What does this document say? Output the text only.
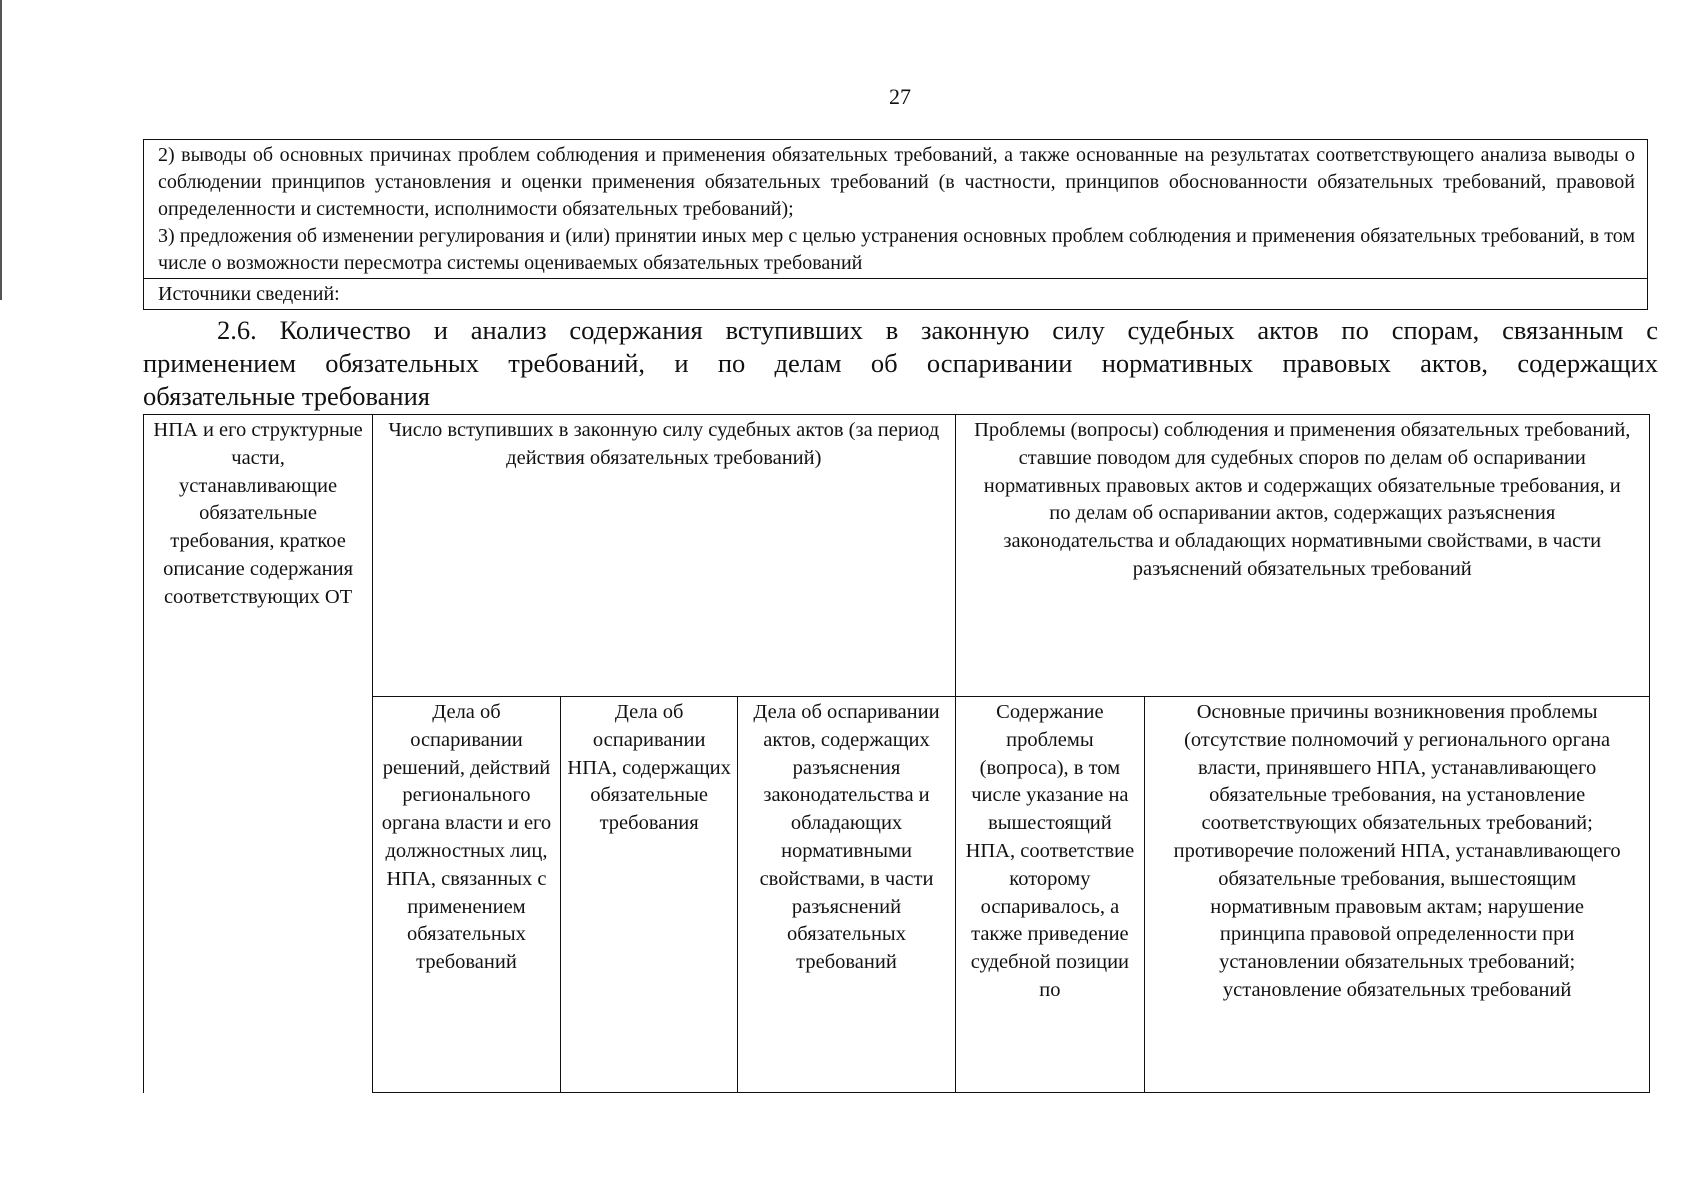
27
2) выводы об основных причинах проблем соблюдения и применения обязательных требований, а также основанные на результатах соответствующего анализа выводы о соблюдении принципов установления и оценки применения обязательных требований (в частности, принципов обоснованности обязательных требований, правовой определенности и системности, исполнимости обязательных требований);
3) предложения об изменении регулирования и (или) принятии иных мер с целью устранения основных проблем соблюдения и применения обязательных требований, в том числе о возможности пересмотра системы оцениваемых обязательных требований

Источники сведений:
2.6. Количество и анализ содержания вступивших в законную силу судебных актов по спорам, связанным с
применением обязательных требований, и по делам об оспаривании нормативных правовых актов, содержащих
обязательные требования
НПА и его структурные части, устанавливающие обязательные требования, краткое описание содержания соответствующих ОТ	Число вступивших в законную силу судебных актов (за период действия обязательных требований)			Проблемы (вопросы) соблюдения и применения обязательных требований, ставшие поводом для судебных споров по делам об оспаривании нормативных правовых актов и содержащих обязательные требования, и по делам об оспаривании актов, содержащих разъяснения законодательства и обладающих нормативными свойствами, в части разъяснений обязательных требований	
	Дела об оспаривании решений, действий регионального органа власти и его должностных лиц, НПА, связанных с применением обязательных требований	Дела об оспаривании НПА, содержащих обязательные требования	Дела об оспаривании актов, содержащих разъяснения законодательства и обладающих нормативными свойствами, в части разъяснений обязательных требований	Содержание проблемы (вопроса), в том числе указание на вышестоящий НПА, соответствие которому оспаривалось, а также приведение судебной позиции по	Основные причины возникновения проблемы (отсутствие полномочий у регионального органа власти, принявшего НПА, устанавливающего обязательные требования, на установление соответствующих обязательных требований; противоречие положений НПА, устанавливающего обязательные требования, вышестоящим нормативным правовым актам; нарушение принципа правовой определенности при установлении обязательных требований; установление обязательных требований
